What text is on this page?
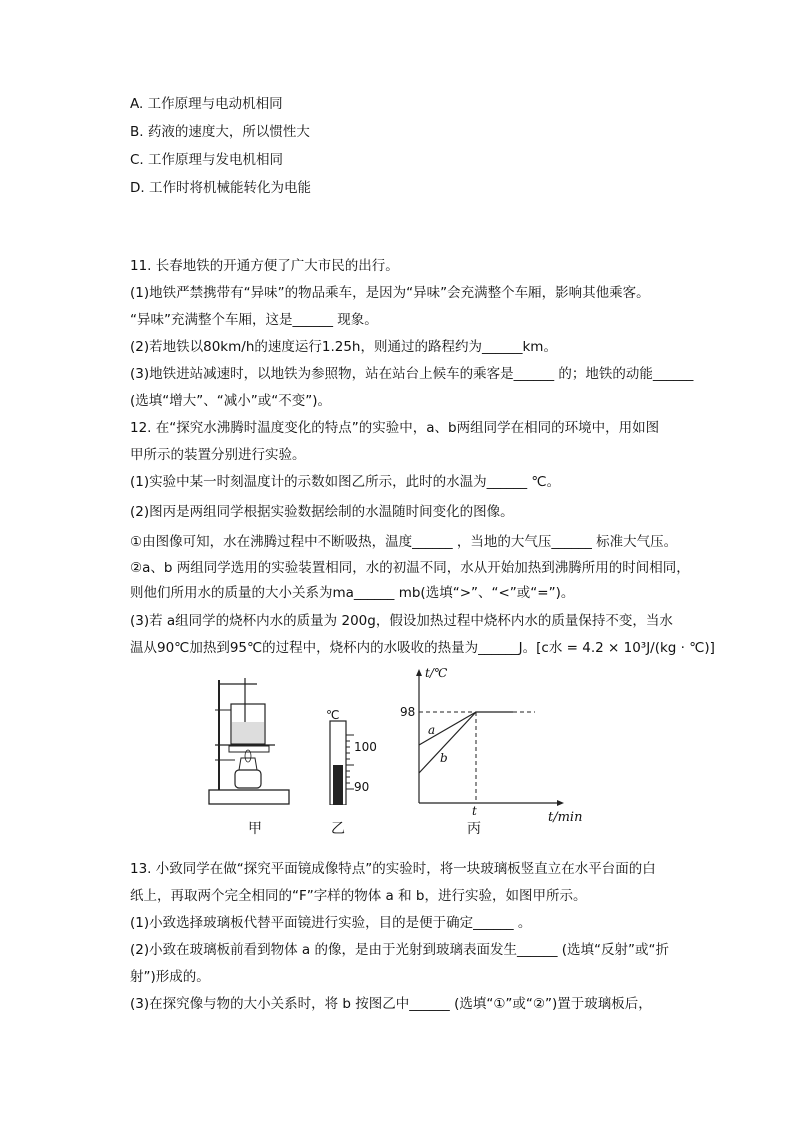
A. 工作原理与电动机相同
B. 药液的速度大，所以惯性大
C. 工作原理与发电机相同
D. 工作时将机械能转化为电能
11. 长春地铁的开通方便了广大市民的出行。
(1)地铁严禁携带有“异味”的物品乘车，是因为“异味”会充满整个车厢，影响其他乘客。
“异味”充满整个车厢，这是______ 现象。
(2)若地铁以80km/h的速度运行1.25h，则通过的路程约为______km。
(3)地铁进站减速时，以地铁为参照物，站在站台上候车的乘客是______ 的；地铁的动能______
(选填“增大”、“减小”或“不变”)。
12. 在“探究水沸腾时温度变化的特点”的实验中，a、b两组同学在相同的环境中，用如图
甲所示的装置分别进行实验。
(1)实验中某一时刻温度计的示数如图乙所示，此时的水温为______ ℃。
(2)图丙是两组同学根据实验数据绘制的水温随时间变化的图像。
①由图像可知，水在沸腾过程中不断吸热，温度______ ，当地的大气压______ 标准大气压。
②a、b 两组同学选用的实验装置相同，水的初温不同，水从开始加热到沸腾所用的时间相同，
则他们所用水的质量的大小关系为ma______ mb(选填“>”、“<”或“=”)。
(3)若 a组同学的烧杯内水的质量为 200g，假设加热过程中烧杯内水的质量保持不变，当水
温从90℃加热到95℃的过程中，烧杯内的水吸收的热量为______J。[c水 = 4.2 × 10³J/(kg · ℃)]
甲
℃
100
90
乙
t/℃
98
a
b
t	t/min
丙
13. 小致同学在做“探究平面镜成像特点”的实验时，将一块玻璃板竖直立在水平台面的白
纸上，再取两个完全相同的“F”字样的物体 a 和 b，进行实验，如图甲所示。
(1)小致选择玻璃板代替平面镜进行实验，目的是便于确定______ 。
(2)小致在玻璃板前看到物体 a 的像，是由于光射到玻璃表面发生______ (选填“反射”或“折
射”)形成的。
(3)在探究像与物的大小关系时，将 b 按图乙中______ (选填“①”或“②”)置于玻璃板后，
